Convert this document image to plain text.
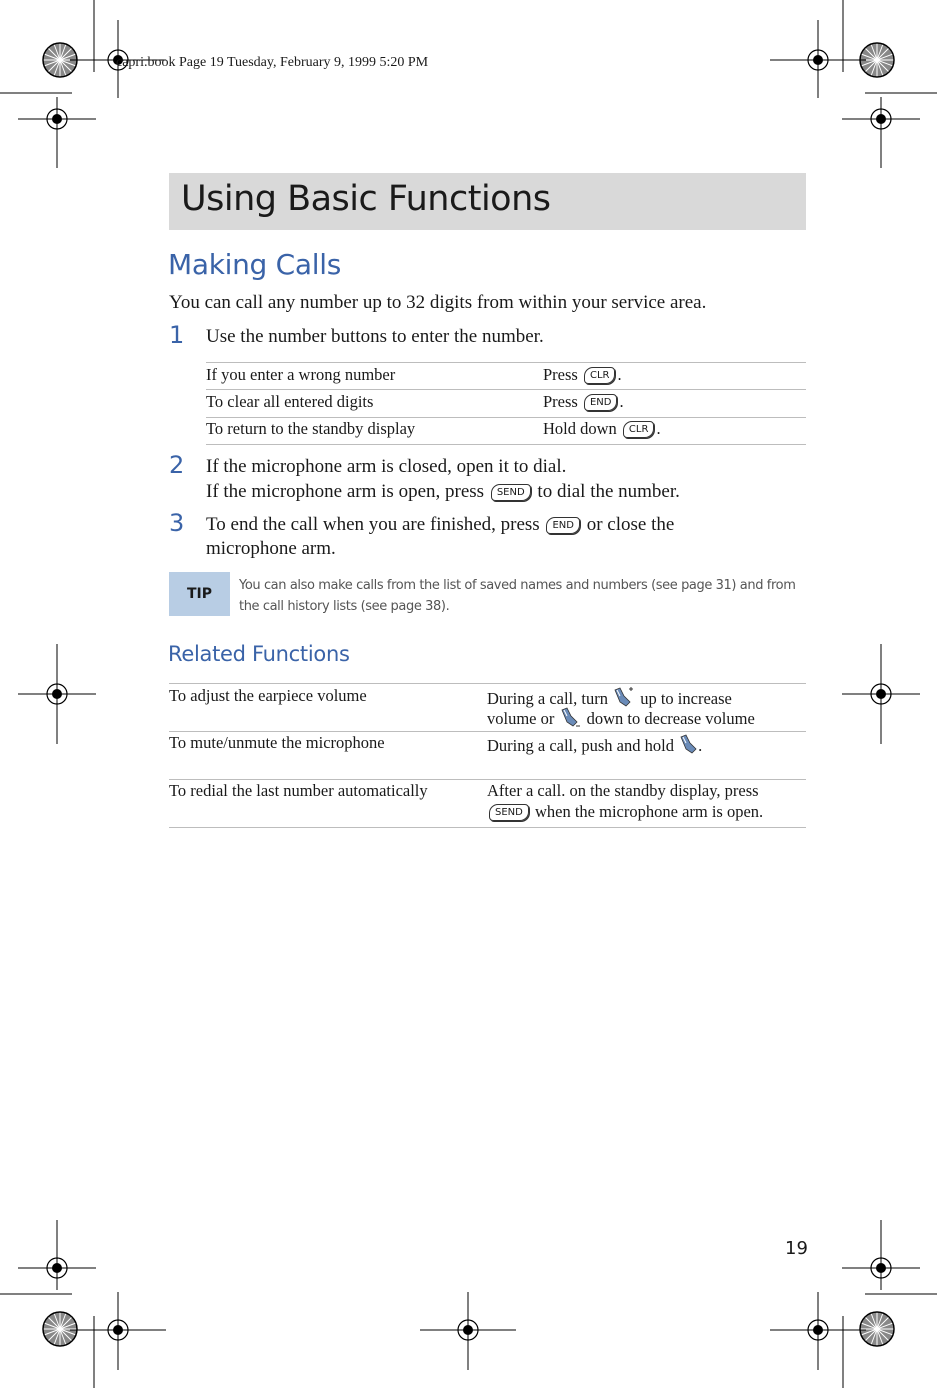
capri.book Page 19 Tuesday, February 9, 1999 5:20 PM
Using Basic Functions
Making Calls
You can call any number up to 32 digits from within your service area.
1 Use the number buttons to enter the number.
If you enter a wrong number	Press CLR .
To clear all entered digits	Press END .
To return to the standby display	Hold down CLR .
2 If the microphone arm is closed, open it to dial.
If the microphone arm is open, press SEND to dial the number.
3 To end the call when you are finished, press END or close the
microphone arm.
TIP
You can also make calls from the list of saved names and numbers (see page 31) and from the call history lists (see page 38).
Related Functions
To adjust the earpiece volume	During a call, turn up to increase
volume or down to decrease volume
To mute/unmute the microphone	During a call, push and hold .
To redial the last number automatically	After a call. on the standby display, press
SEND when the microphone arm is open.
19
